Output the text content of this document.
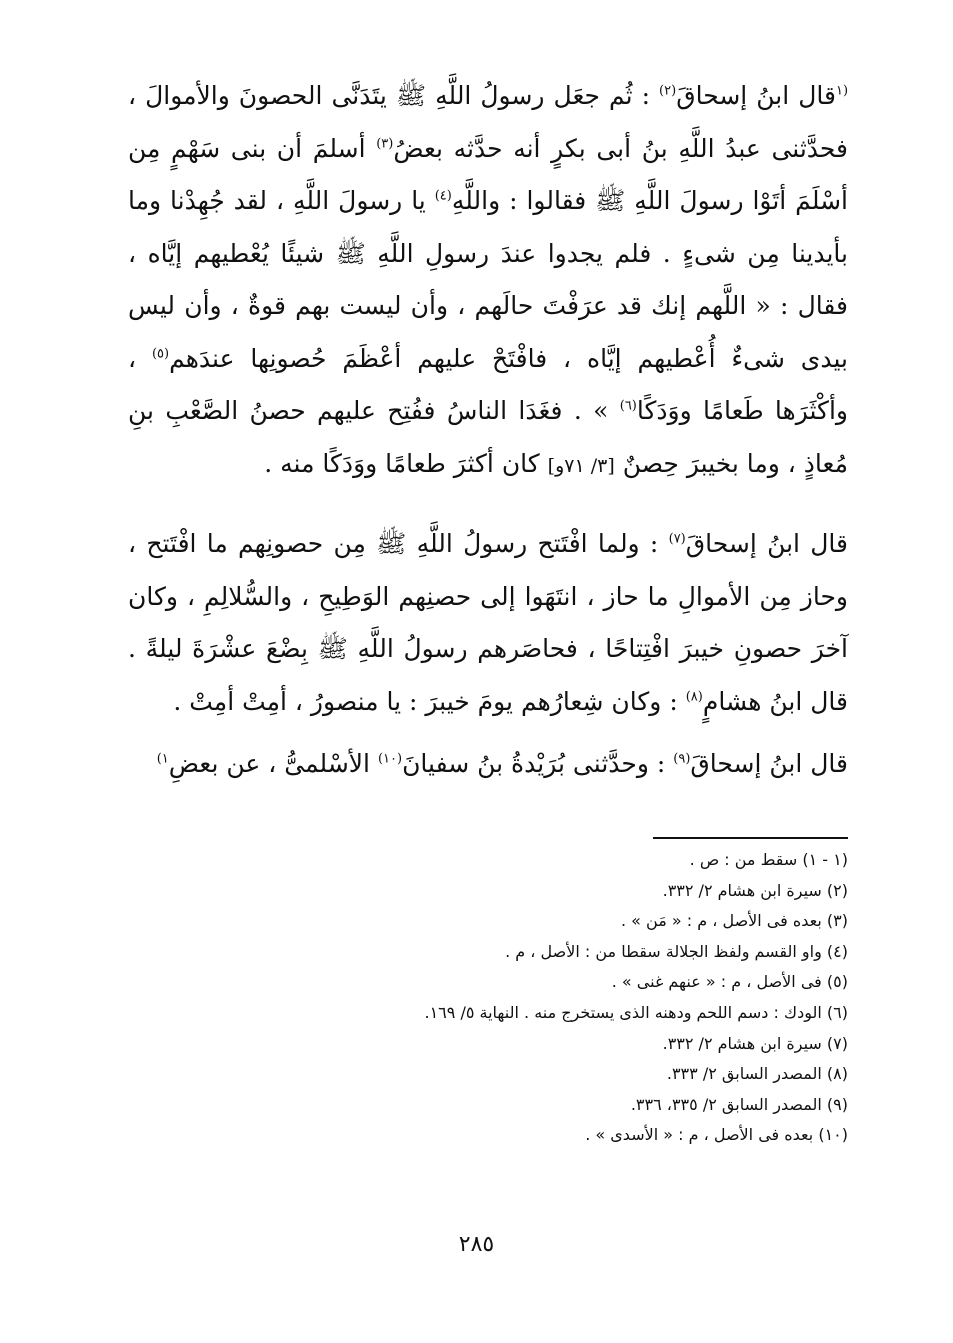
$^{(١}$قال ابنُ إسحاقَ$^{(٢)}$ : ثُم جعَل رسولُ اللَّهِ ﷺ يتَدَنَّى الحصونَ والأموالَ ، فحدَّثنى عبدُ اللَّهِ بنُ أبى بكرٍ أنه حدَّثه بعضُ$^{(٣)}$ أسلمَ أن بنى سَهْمٍ مِن أسْلَمَ أتَوْا رسولَ اللَّهِ ﷺ فقالوا : واللَّهِ$^{(٤)}$ يا رسولَ اللَّهِ ، لقد جُهِدْنا وما بأيدينا مِن شىءٍ . فلم يجدوا عندَ رسولِ اللَّهِ ﷺ شيئًا يُعْطيهم إيَّاه ، فقال : « اللَّهم إنك قد عرَفْتَ حالَهم ، وأن ليست بهم قوةٌ ، وأن ليس بيدى شىءٌ أُعْطيهم إيَّاه ، فافْتَحْ عليهم أعْظَمَ حُصونِها عندَهم$^{(٥)}$ ، وأكْثَرَها طَعامًا ووَدَكًا$^{(٦)}$ » . فغَدَا الناسُ ففُتِح عليهم حصنُ الصَّعْبِ بنِ مُعاذٍ ، وما بخيبرَ حِصنٌ [٣/ ٧١و] كان أكثرَ طعامًا ووَدَكًا منه .

قال ابنُ إسحاقَ$^{(٧)}$ : ولما افْتَتح رسولُ اللَّهِ ﷺ مِن حصونِهم ما افْتَتح ، وحاز مِن الأموالِ ما حاز ، انتَهَوا إلى حصنِهم الوَطِيحِ ، والسُّلالِمِ ، وكان آخرَ حصونِ خيبرَ افْتِتاحًا ، فحاصَرهم رسولُ اللَّهِ ﷺ بِضْعَ عشْرَةَ ليلةً . قال ابنُ هشامٍ$^{(٨)}$ : وكان شِعارُهم يومَ خيبرَ : يا منصورُ ، أمِتْ أمِتْ .

قال ابنُ إسحاقَ$^{(٩)}$ : وحدَّثنى بُرَيْدةُ بنُ سفيانَ$^{(١٠)}$ الأسْلمىُّ ، عن بعضِ$^{١)}$

(١ - ١) سقط من : ص .
(٢) سيرة ابن هشام ٢/ ٣٣٢.
(٣) بعده فى الأصل ، م : « مَن » .
(٤) واو القسم ولفظ الجلالة سقطا من : الأصل ، م .
(٥) فى الأصل ، م : « عنهم غنى » .
(٦) الودك : دسم اللحم ودهنه الذى يستخرج منه . النهاية ٥/ ١٦٩.
(٧) سيرة ابن هشام ٢/ ٣٣٢.
(٨) المصدر السابق ٢/ ٣٣٣.
(٩) المصدر السابق ٢/ ٣٣٥، ٣٣٦.
(١٠) بعده فى الأصل ، م : « الأسدى » .
٢٨٥
